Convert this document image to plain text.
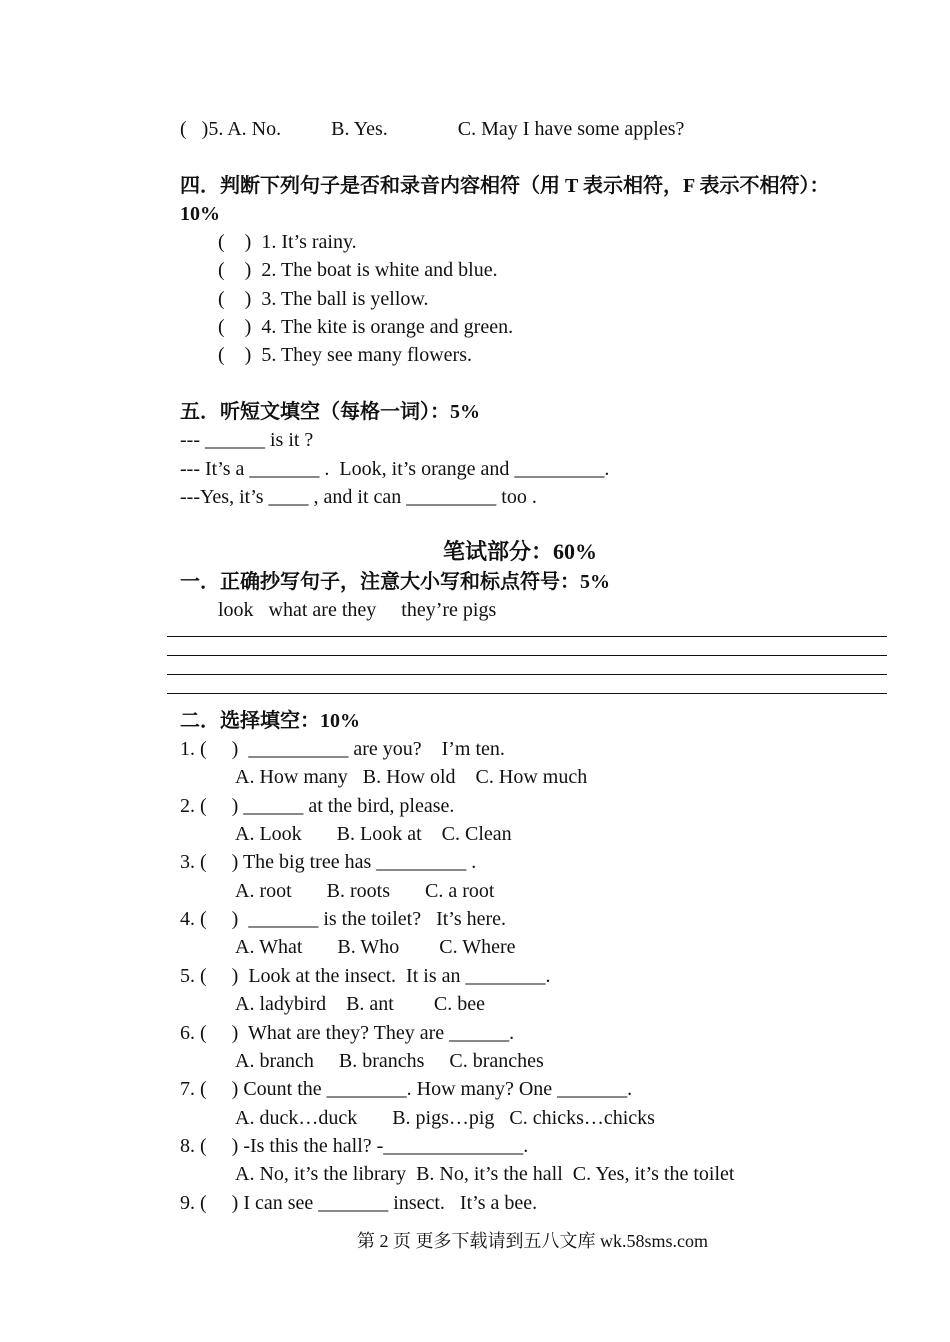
(   )5. A. No.          B. Yes.              C. May I have some apples?
四．判断下列句子是否和录音内容相符（用 T 表示相符，F 表示不相符）：
10%
(    )  1. It’s rainy.
(    )  2. The boat is white and blue.
(    )  3. The ball is yellow.
(    )  4. The kite is orange and green.
(    )  5. They see many flowers.
五．听短文填空（每格一词）：5%
--- ______ is it ?
--- It’s a _______ .  Look, it’s orange and _________.
---Yes, it’s ____ , and it can _________ too .
笔试部分：60%
一．正确抄写句子，注意大小写和标点符号：5%
look   what are they     they’re pigs
二．选择填空：10%
1. (     )  __________ are you?    I’m ten.
A. How many   B. How old    C. How much
2. (     ) ______ at the bird, please.
A. Look       B. Look at    C. Clean
3. (     ) The big tree has _________ .
A. root       B. roots       C. a root
4. (     )  _______ is the toilet?   It’s here.
A. What       B. Who        C. Where
5. (     )  Look at the insect.  It is an ________.
A. ladybird    B. ant        C. bee
6. (     )  What are they? They are ______.
A. branch     B. branchs     C. branches
7. (     ) Count the ________. How many? One _______.
A. duck…duck       B. pigs…pig   C. chicks…chicks
8. (     ) -Is this the hall? -______________.
A. No, it’s the library  B. No, it’s the hall  C. Yes, it’s the toilet
9. (     ) I can see _______ insect.   It’s a bee.
第 2 页 更多下载请到五八文库 wk.58sms.com
